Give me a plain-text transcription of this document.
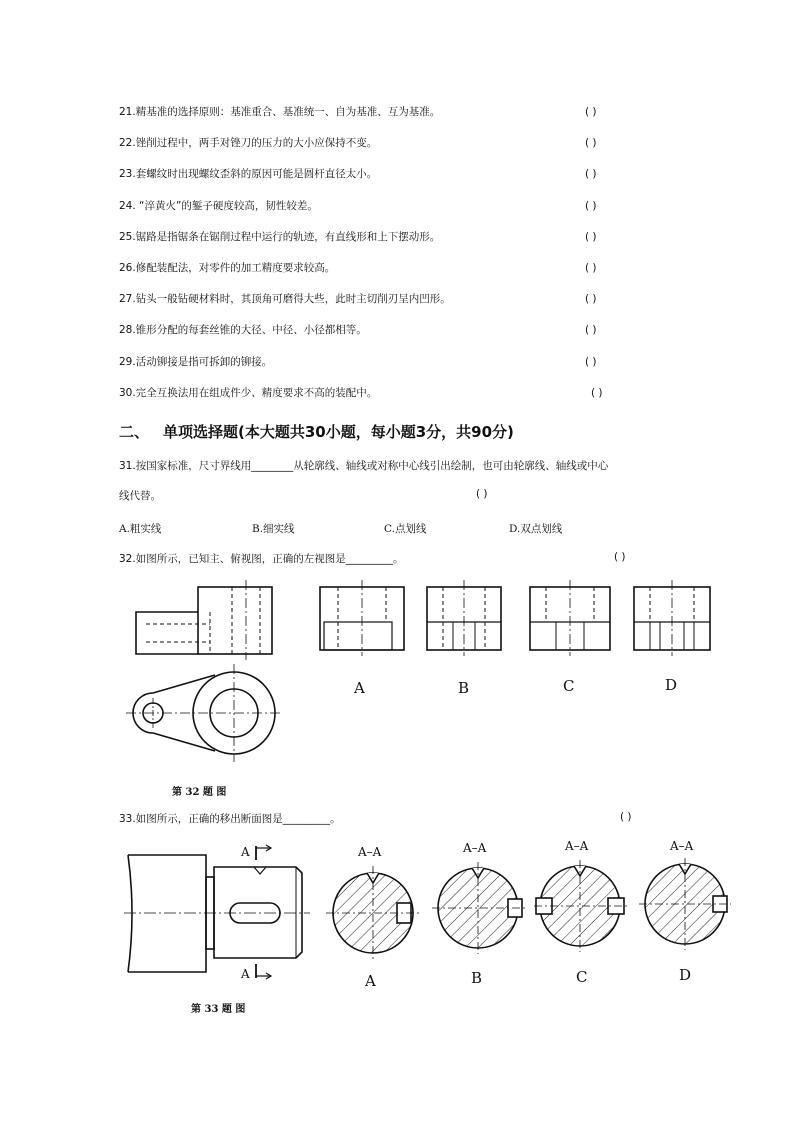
21.精基准的选择原则：基准重合、基准统一、自为基准、互为基准。	( )
22.锉削过程中，两手对锉刀的压力的大小应保持不变。	( )
23.套螺纹时出现螺纹歪斜的原因可能是圆杆直径太小。	( )
24. “淬黄火”的錾子硬度较高，韧性较差。	( )
25.锯路是指锯条在锯削过程中运行的轨迹，有直线形和上下摆动形。	( )
26.修配装配法，对零件的加工精度要求较高。	( )
27.钻头一般钻硬材料时，其顶角可磨得大些，此时主切削刃呈内凹形。	( )
28.锥形分配的每套丝锥的大径、中径、小径都相等。	( )
29.活动铆接是指可拆卸的铆接。	( )
30.完全互换法用在组成件少、精度要求不高的装配中。	( )
二、 单项选择题(本大题共30小题，每小题3分，共90分)
31.按国家标准，尺寸界线用________从轮廓线、轴线或对称中心线引出绘制，也可由轮廓线、轴线或中心
线代替。	( )
A.粗实线	B.细实线	C.点划线	D.双点划线
32.如图所示，已知主、俯视图，正确的左视图是_________。	( )
A	B	C	D
A
A
A–A	A–A	A–A	A–A
A	B	C	D
第 32 题 图
33.如图所示，正确的移出断面图是_________。	( )
第 33 题 图
